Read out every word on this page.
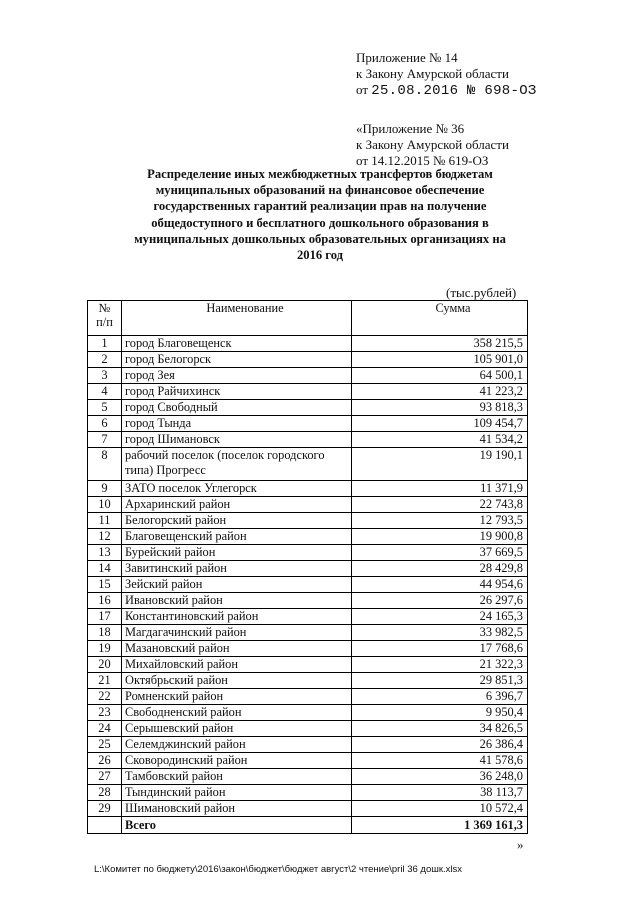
Приложение № 14
к Закону Амурской области
от 25.08.2016 № 698-ОЗ
«Приложение № 36
к Закону Амурской области
от 14.12.2015 № 619-ОЗ
Распределение иных межбюджетных трансфертов бюджетам
муниципальных образований на финансовое обеспечение
государственных гарантий реализации прав на получение
общедоступного и бесплатного дошкольного образования в
муниципальных дошкольных образовательных организациях на
2016 год
(тыс.рублей)
№
п/п	Наименование	Сумма
1	город Благовещенск	358 215,5
2	город Белогорск	105 901,0
3	город Зея	64 500,1
4	город Райчихинск	41 223,2
5	город Свободный	93 818,3
6	город Тында	109 454,7
7	город Шимановск	41 534,2
8	рабочий поселок (поселок городского типа) Прогресс	19 190,1
9	ЗАТО поселок Углегорск	11 371,9
10	Архаринский район	22 743,8
11	Белогорский район	12 793,5
12	Благовещенский район	19 900,8
13	Бурейский район	37 669,5
14	Завитинский район	28 429,8
15	Зейский район	44 954,6
16	Ивановский район	26 297,6
17	Константиновский район	24 165,3
18	Магдагачинский район	33 982,5
19	Мазановский район	17 768,6
20	Михайловский район	21 322,3
21	Октябрьский район	29 851,3
22	Ромненский район	6 396,7
23	Свободненский район	9 950,4
24	Серышевский район	34 826,5
25	Селемджинский район	26 386,4
26	Сковородинский район	41 578,6
27	Тамбовский район	36 248,0
28	Тындинский район	38 113,7
29	Шимановский район	10 572,4
	Всего	1 369 161,3
»
L:\Комитет по бюджету\2016\закон\бюджет\бюджет август\2 чтение\pril 36 дошк.xlsx
